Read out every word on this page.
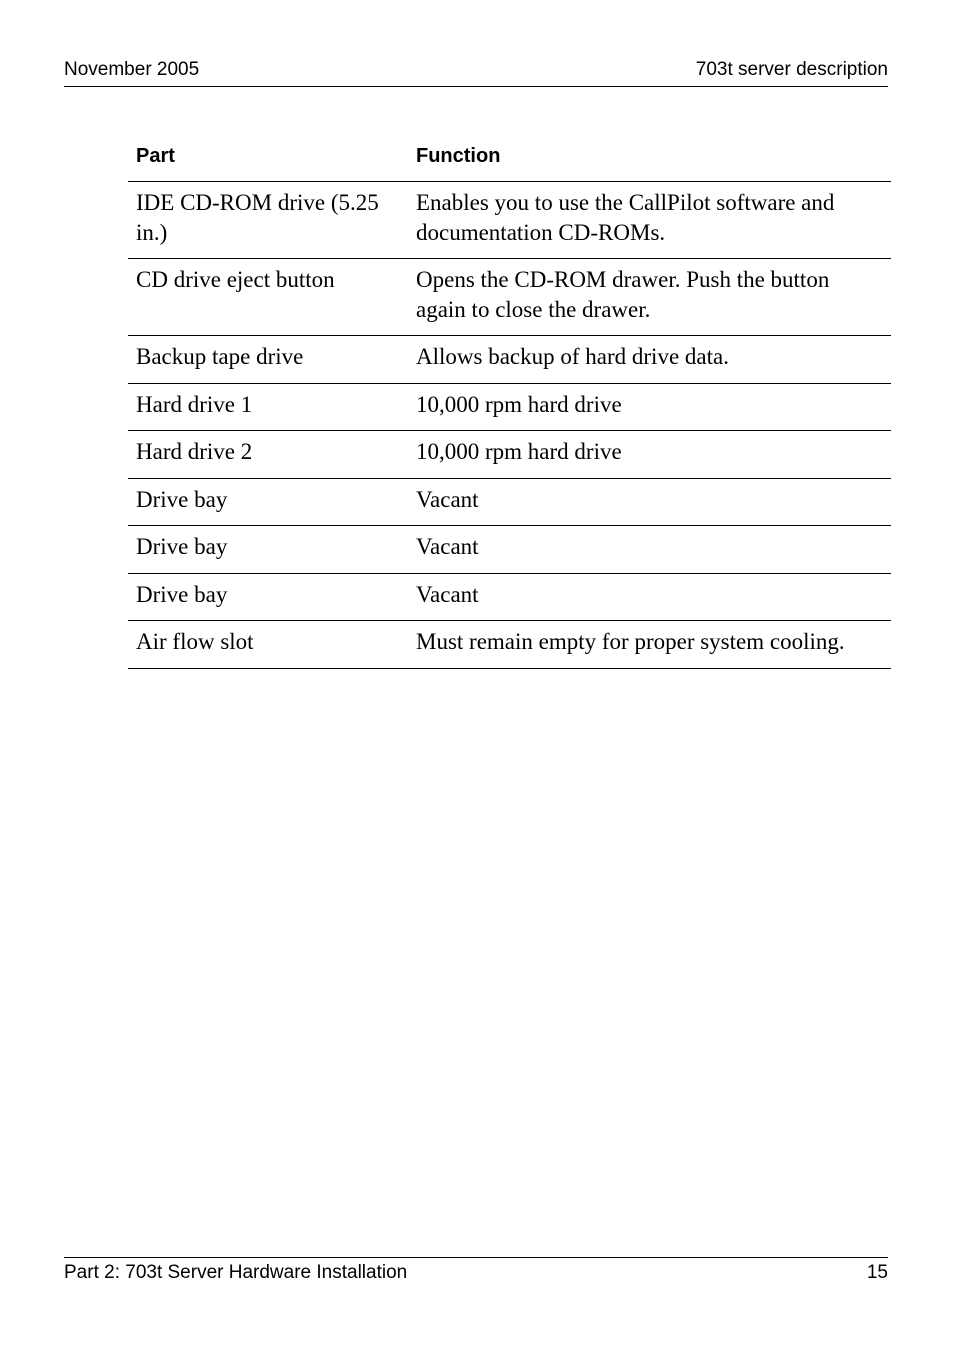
November 2005	703t server description
Part	Function
IDE CD-ROM drive (5.25 in.)	Enables you to use the CallPilot software and documentation CD-ROMs.
CD drive eject button	Opens the CD-ROM drawer. Push the button again to close the drawer.
Backup tape drive	Allows backup of hard drive data.
Hard drive 1	10,000 rpm hard drive
Hard drive 2	10,000 rpm hard drive
Drive bay	Vacant
Drive bay	Vacant
Drive bay	Vacant
Air flow slot	Must remain empty for proper system cooling.
Part 2: 703t Server Hardware Installation	15
